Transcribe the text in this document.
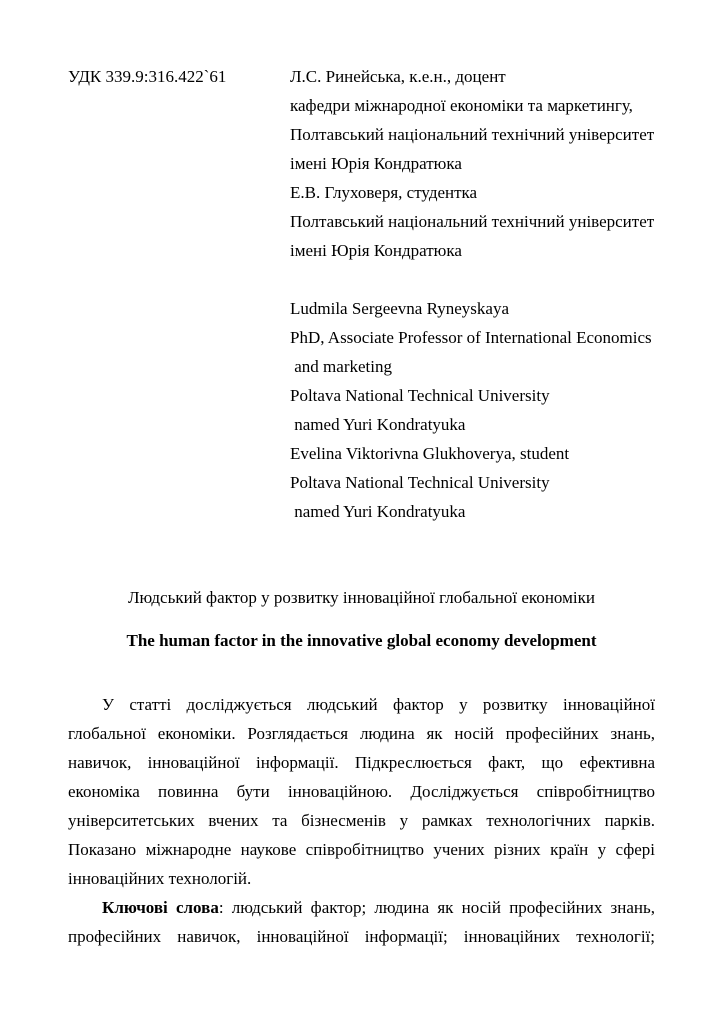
УДК 339.9:316.422`61	Л.С. Ринейська, к.е.н., доцент
кафедри міжнародної економіки та маркетингу,
Полтавський національний технічний університет
імені Юрія Кондратюка
Е.В. Глуховеря, студентка
Полтавський національний технічний університет
імені Юрія Кондратюка
Ludmila Sergeevna Ryneyskaya
PhD, Associate Professor of International Economics
and marketing
Poltava National Technical University
named Yuri Kondratyuka
Evelina Viktorivna Glukhoverya, student
Poltava National Technical University
named Yuri Kondratyuka
Людський фактор у розвитку інноваційної глобальної економіки
The human factor in the innovative global economy development
У статті досліджується людський фактор у розвитку інноваційної
глобальної економіки. Розглядається людина як носій професійних знань,
навичок, інноваційної інформації. Підкреслюється факт, що ефективна
економіка повинна бути інноваційною. Досліджується співробітництво
університетських вчених та бізнесменів у рамках технологічних парків.
Показано міжнародне наукове співробітництво учених різних країн у сфері
інноваційних технологій.
Ключові слова: людський фактор; людина як носій професійних знань,
професійних навичок, інноваційної інформації; інноваційних технології;
